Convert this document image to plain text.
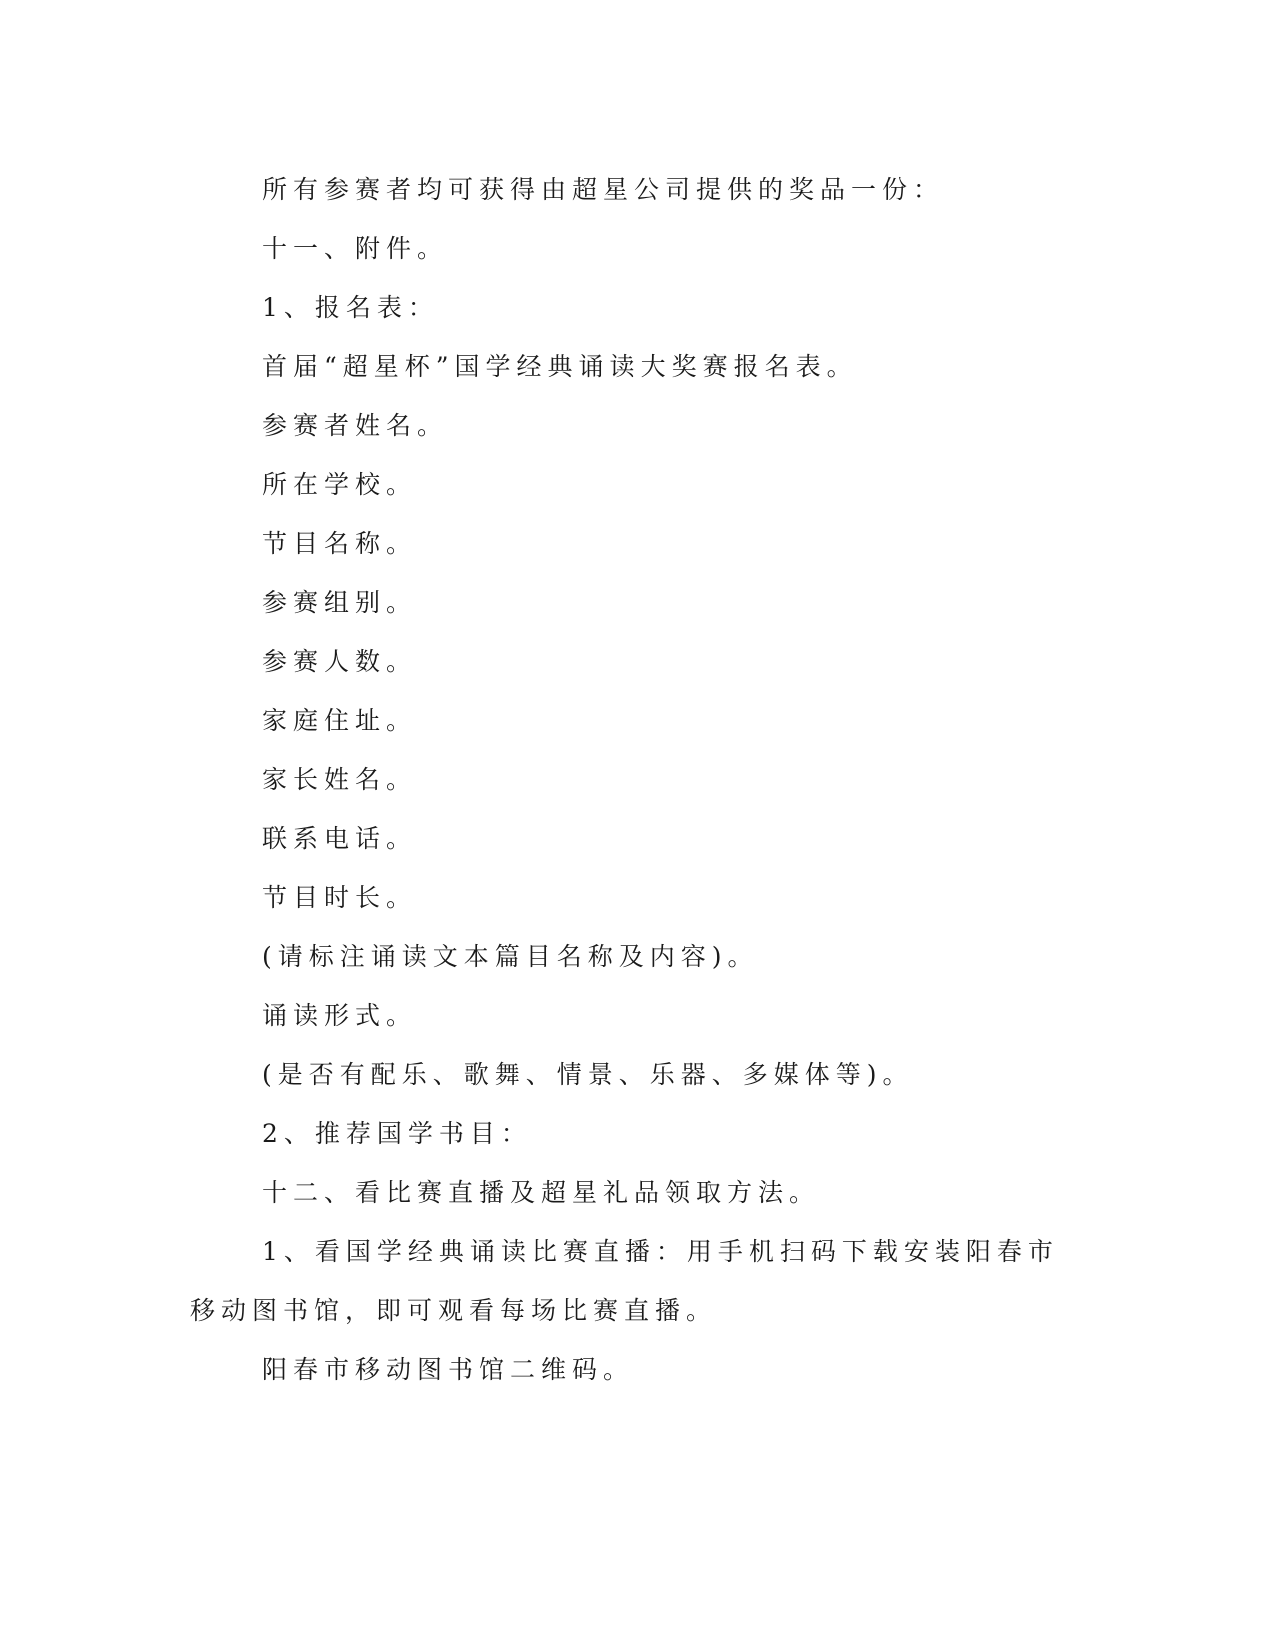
所有参赛者均可获得由超星公司提供的奖品一份：

十一、附件。

1、报名表：

首届“超星杯”国学经典诵读大奖赛报名表。

参赛者姓名。

所在学校。

节目名称。

参赛组别。

参赛人数。

家庭住址。

家长姓名。

联系电话。

节目时长。

(请标注诵读文本篇目名称及内容)。

诵读形式。

(是否有配乐、歌舞、情景、乐器、多媒体等)。

2、推荐国学书目：

十二、看比赛直播及超星礼品领取方法。

1、看国学经典诵读比赛直播：用手机扫码下载安装阳春市移动图书馆，即可观看每场比赛直播。

阳春市移动图书馆二维码。
